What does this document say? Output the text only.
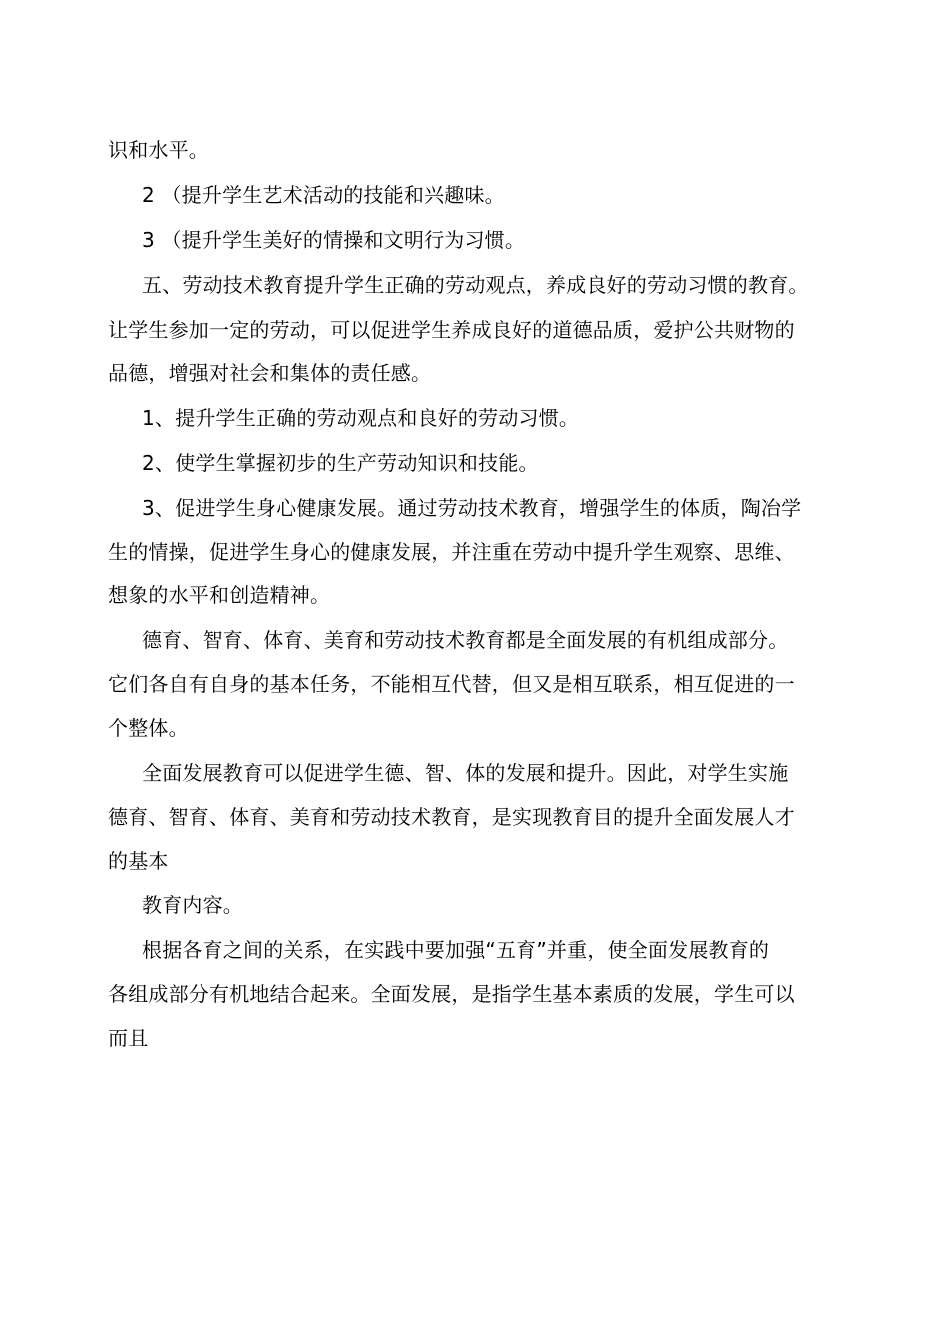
识和水平。
2 （提升学生艺术活动的技能和兴趣味。
3 （提升学生美好的情操和文明行为习惯。
五、劳动技术教育提升学生正确的劳动观点，养成良好的劳动习惯的教育。
让学生参加一定的劳动，可以促进学生养成良好的道德品质，爱护公共财物的
品德，增强对社会和集体的责任感。
1、提升学生正确的劳动观点和良好的劳动习惯。
2、使学生掌握初步的生产劳动知识和技能。
3、促进学生身心健康发展。通过劳动技术教育，增强学生的体质，陶冶学
生的情操，促进学生身心的健康发展，并注重在劳动中提升学生观察、思维、
想象的水平和创造精神。
德育、智育、体育、美育和劳动技术教育都是全面发展的有机组成部分。
它们各自有自身的基本任务，不能相互代替，但又是相互联系，相互促进的一
个整体。
全面发展教育可以促进学生德、智、体的发展和提升。因此，对学生实施
德育、智育、体育、美育和劳动技术教育，是实现教育目的提升全面发展人才
的基本
教育内容。
根据各育之间的关系，在实践中要加强“五育”并重，使全面发展教育的
各组成部分有机地结合起来。全面发展，是指学生基本素质的发展，学生可以
而且
